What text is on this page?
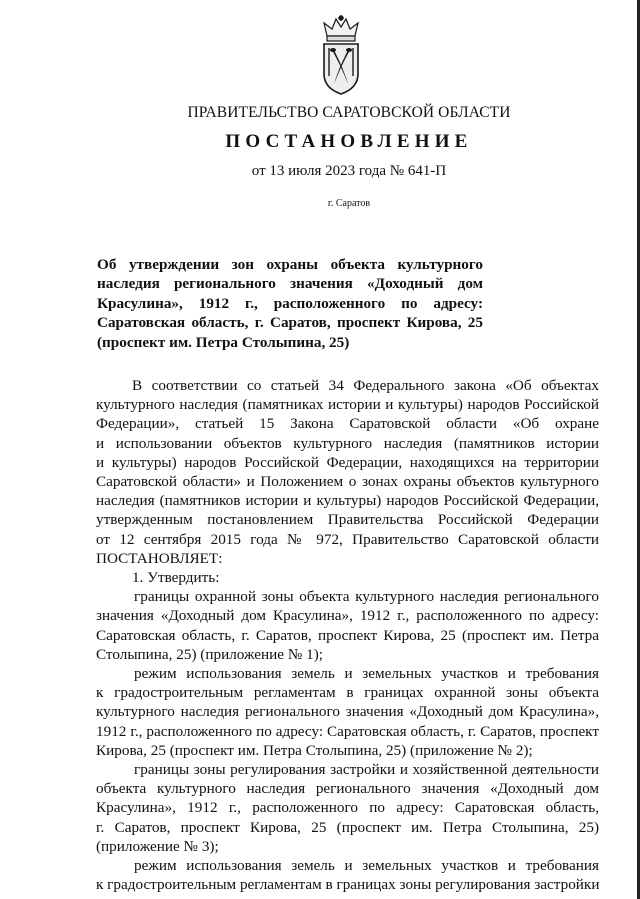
ПРАВИТЕЛЬСТВО САРАТОВСКОЙ ОБЛАСТИ
ПОСТАНОВЛЕНИЕ
от 13 июля 2023 года № 641-П
г. Саратов
Об утверждении зон охраны объекта культурного
наследия регионального значения «Доходный дом
Красулина», 1912 г., расположенного по адресу:
Саратовская область, г. Саратов, проспект Кирова, 25
(проспект им. Петра Столыпина, 25)
В соответствии со статьей 34 Федерального закона «Об объектах
культурного наследия (памятниках истории и культуры) народов Российской
Федерации», статьей 15 Закона Саратовской области «Об охране
и использовании объектов культурного наследия (памятников истории
и культуры) народов Российской Федерации, находящихся на территории
Саратовской области» и Положением о зонах охраны объектов культурного
наследия (памятников истории и культуры) народов Российской Федерации,
утвержденным постановлением Правительства Российской Федерации
от 12 сентября 2015 года № 972, Правительство Саратовской области
ПОСТАНОВЛЯЕТ:
1. Утвердить:
границы охранной зоны объекта культурного наследия регионального
значения «Доходный дом Красулина», 1912 г., расположенного по адресу:
Саратовская область, г. Саратов, проспект Кирова, 25 (проспект им. Петра
Столыпина, 25) (приложение № 1);
режим использования земель и земельных участков и требования
к градостроительным регламентам в границах охранной зоны объекта
культурного наследия регионального значения «Доходный дом Красулина»,
1912 г., расположенного по адресу: Саратовская область, г. Саратов, проспект
Кирова, 25 (проспект им. Петра Столыпина, 25) (приложение № 2);
границы зоны регулирования застройки и хозяйственной деятельности
объекта культурного наследия регионального значения «Доходный дом
Красулина», 1912 г., расположенного по адресу: Саратовская область,
г. Саратов, проспект Кирова, 25 (проспект им. Петра Столыпина, 25)
(приложение № 3);
режим использования земель и земельных участков и требования
к градостроительным регламентам в границах зоны регулирования застройки
